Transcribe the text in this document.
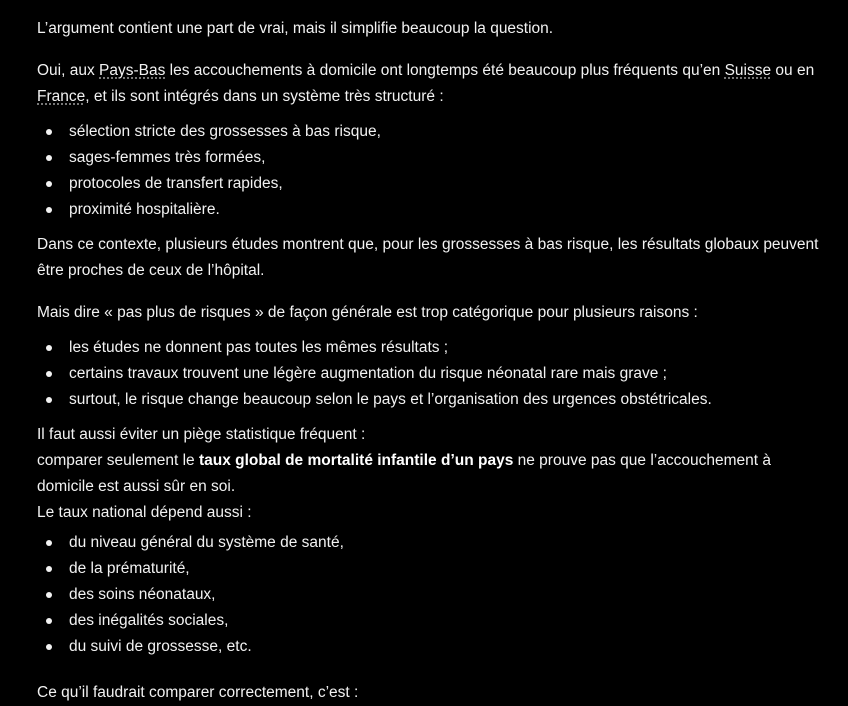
L’argument contient une part de vrai, mais il simplifie beaucoup la question.

Oui, aux Pays-Bas les accouchements à domicile ont longtemps été beaucoup plus fréquents qu’en Suisse ou en France, et ils sont intégrés dans un système très structuré :

sélection stricte des grossesses à bas risque,
sages-femmes très formées,
protocoles de transfert rapides,
proximité hospitalière.

Dans ce contexte, plusieurs études montrent que, pour les grossesses à bas risque, les résultats globaux peuvent être proches de ceux de l’hôpital.

Mais dire « pas plus de risques » de façon générale est trop catégorique pour plusieurs raisons :

les études ne donnent pas toutes les mêmes résultats ;
certains travaux trouvent une légère augmentation du risque néonatal rare mais grave ;
surtout, le risque change beaucoup selon le pays et l’organisation des urgences obstétricales.

Il faut aussi éviter un piège statistique fréquent :
comparer seulement le taux global de mortalité infantile d’un pays ne prouve pas que l’accouchement à domicile est aussi sûr en soi.
Le taux national dépend aussi :

du niveau général du système de santé,
de la prématurité,
des soins néonataux,
des inégalités sociales,
du suivi de grossesse, etc.

Ce qu’il faudrait comparer correctement, c’est :
